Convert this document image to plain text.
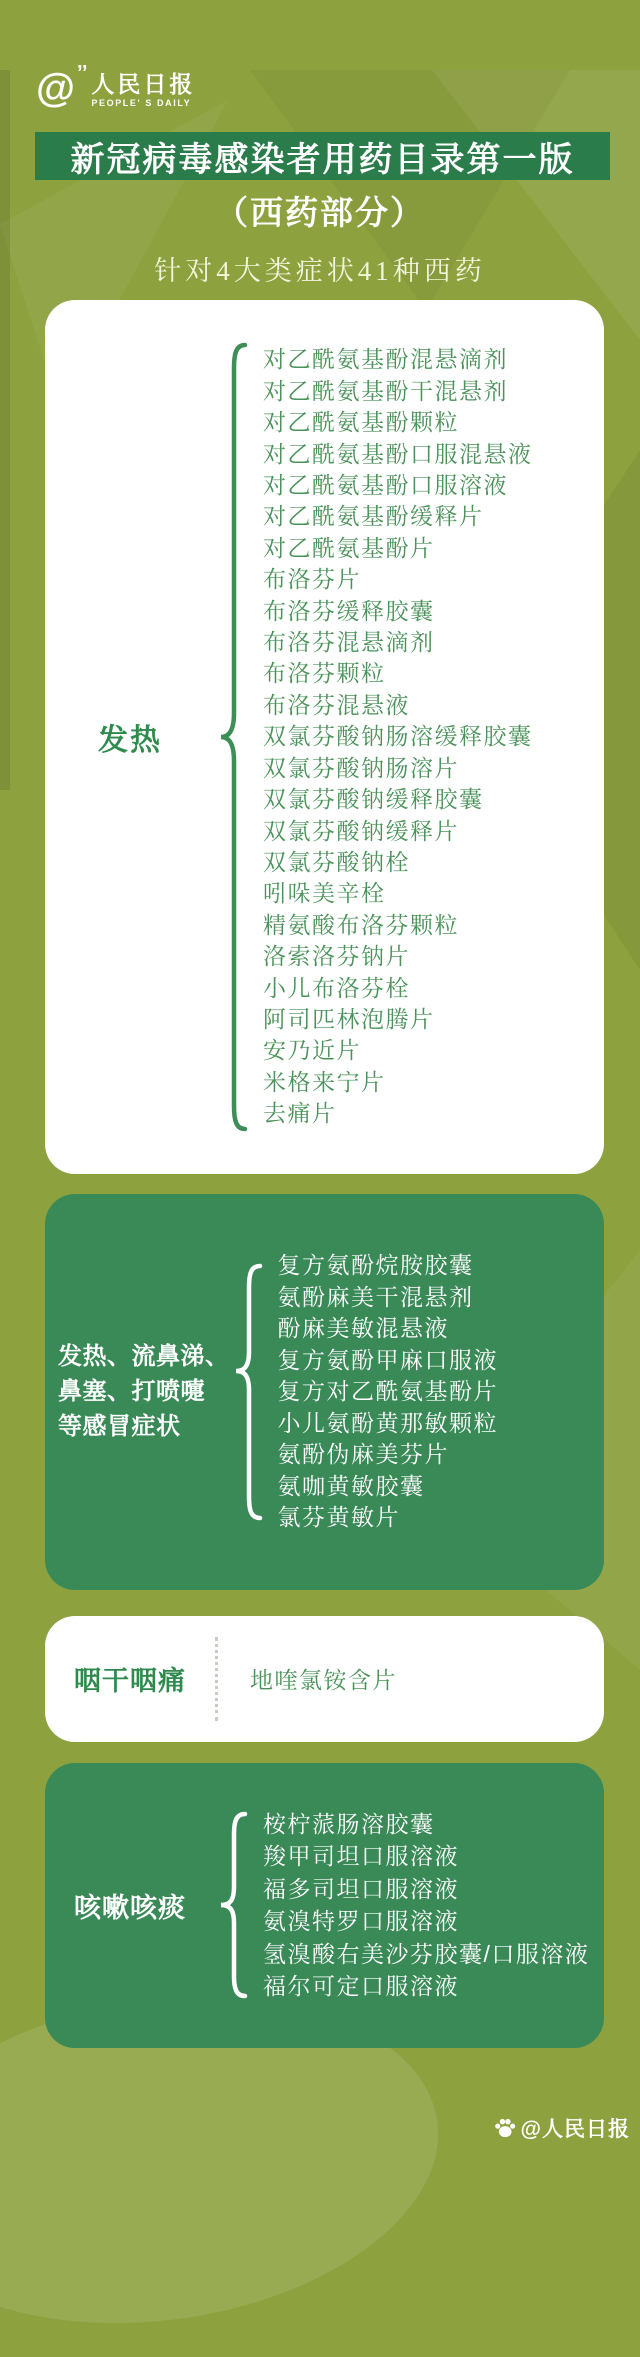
@ ’’ 人民日报
PEOPLE' S DAILY
新冠病毒感染者用药目录第一版
（西药部分）
针对4大类症状41种西药
发热
对乙酰氨基酚混悬滴剂
对乙酰氨基酚干混悬剂
对乙酰氨基酚颗粒
对乙酰氨基酚口服混悬液
对乙酰氨基酚口服溶液
对乙酰氨基酚缓释片
对乙酰氨基酚片
布洛芬片
布洛芬缓释胶囊
布洛芬混悬滴剂
布洛芬颗粒
布洛芬混悬液
双氯芬酸钠肠溶缓释胶囊
双氯芬酸钠肠溶片
双氯芬酸钠缓释胶囊
双氯芬酸钠缓释片
双氯芬酸钠栓
吲哚美辛栓
精氨酸布洛芬颗粒
洛索洛芬钠片
小儿布洛芬栓
阿司匹林泡腾片
安乃近片
米格来宁片
去痛片
发热、流鼻涕、
鼻塞、打喷嚏
等感冒症状
复方氨酚烷胺胶囊
氨酚麻美干混悬剂
酚麻美敏混悬液
复方氨酚甲麻口服液
复方对乙酰氨基酚片
小儿氨酚黄那敏颗粒
氨酚伪麻美芬片
氨咖黄敏胶囊
氯芬黄敏片
咽干咽痛	地喹氯铵含片
咳嗽咳痰
桉柠蒎肠溶胶囊
羧甲司坦口服溶液
福多司坦口服溶液
氨溴特罗口服溶液
氢溴酸右美沙芬胶囊/口服溶液
福尔可定口服溶液
@人民日报
